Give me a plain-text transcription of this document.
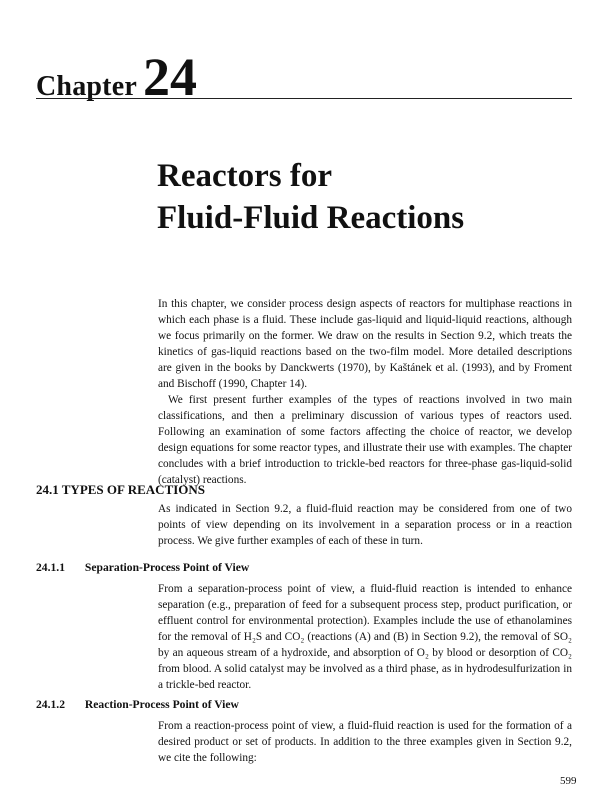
Chapter 24
Reactors for
Fluid-Fluid Reactions

In this chapter, we consider process design aspects of reactors for multiphase reactions in which each phase is a fluid. These include gas-liquid and liquid-liquid reactions, although we focus primarily on the former. We draw on the results in Section 9.2, which treats the kinetics of gas-liquid reactions based on the two-film model. More detailed descriptions are given in the books by Danckwerts (1970), by Kaštánek et al. (1993), and by Froment and Bischoff (1990, Chapter 14).

We first present further examples of the types of reactions involved in two main classifications, and then a preliminary discussion of various types of reactors used. Following an examination of some factors affecting the choice of reactor, we develop design equations for some reactor types, and illustrate their use with examples. The chapter concludes with a brief introduction to trickle-bed reactors for three-phase gas-liquid-solid (catalyst) reactions.

24.1 TYPES OF REACTIONS

As indicated in Section 9.2, a fluid-fluid reaction may be considered from one of two points of view depending on its involvement in a separation process or in a reaction process. We give further examples of each of these in turn.

24.1.1 Separation-Process Point of View

From a separation-process point of view, a fluid-fluid reaction is intended to enhance separation (e.g., preparation of feed for a subsequent process step, product purification, or effluent control for environmental protection). Examples include the use of ethanolamines for the removal of H₂S and CO₂ (reactions (A) and (B) in Section 9.2), the removal of SO₂ by an aqueous stream of a hydroxide, and absorption of O₂ by blood or desorption of CO₂ from blood. A solid catalyst may be involved as a third phase, as in hydrodesulfurization in a trickle-bed reactor.

24.1.2 Reaction-Process Point of View

From a reaction-process point of view, a fluid-fluid reaction is used for the formation of a desired product or set of products. In addition to the three examples given in Section 9.2, we cite the following:

599
